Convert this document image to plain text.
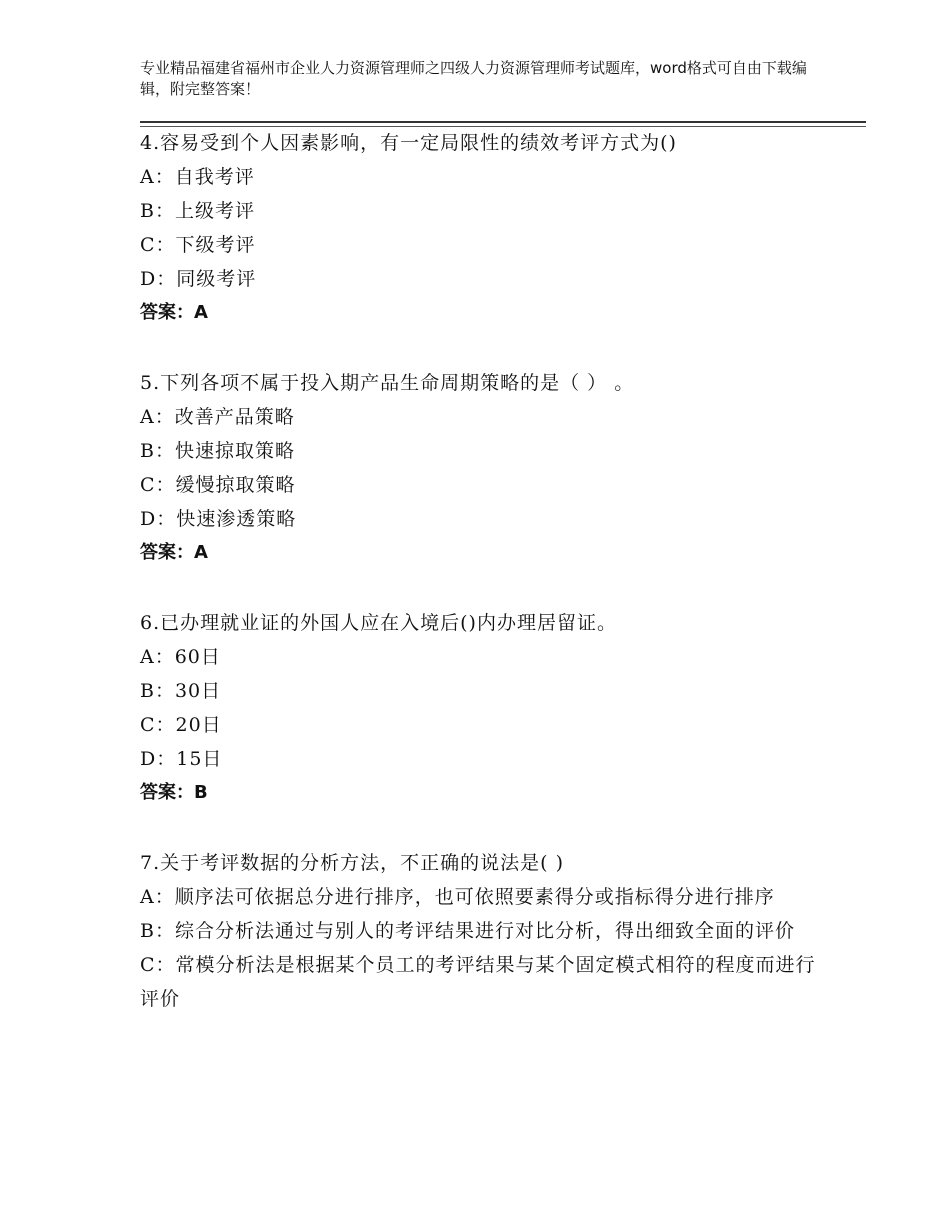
专业精品福建省福州市企业人力资源管理师之四级人力资源管理师考试题库，word格式可自由下载编辑，附完整答案！
4.容易受到个人因素影响，有一定局限性的绩效考评方式为()
A：自我考评
B：上级考评
C：下级考评
D：同级考评
答案：A
5.下列各项不属于投入期产品生命周期策略的是（ ） 。
A：改善产品策略
B：快速掠取策略
C：缓慢掠取策略
D：快速渗透策略
答案：A
6.已办理就业证的外国人应在入境后()内办理居留证。
A：60日
B：30日
C：20日
D：15日
答案：B
7.关于考评数据的分析方法，不正确的说法是( )
A：顺序法可依据总分进行排序，也可依照要素得分或指标得分进行排序
B：综合分析法通过与别人的考评结果进行对比分析，得出细致全面的评价
C：常模分析法是根据某个员工的考评结果与某个固定模式相符的程度而进行评价
